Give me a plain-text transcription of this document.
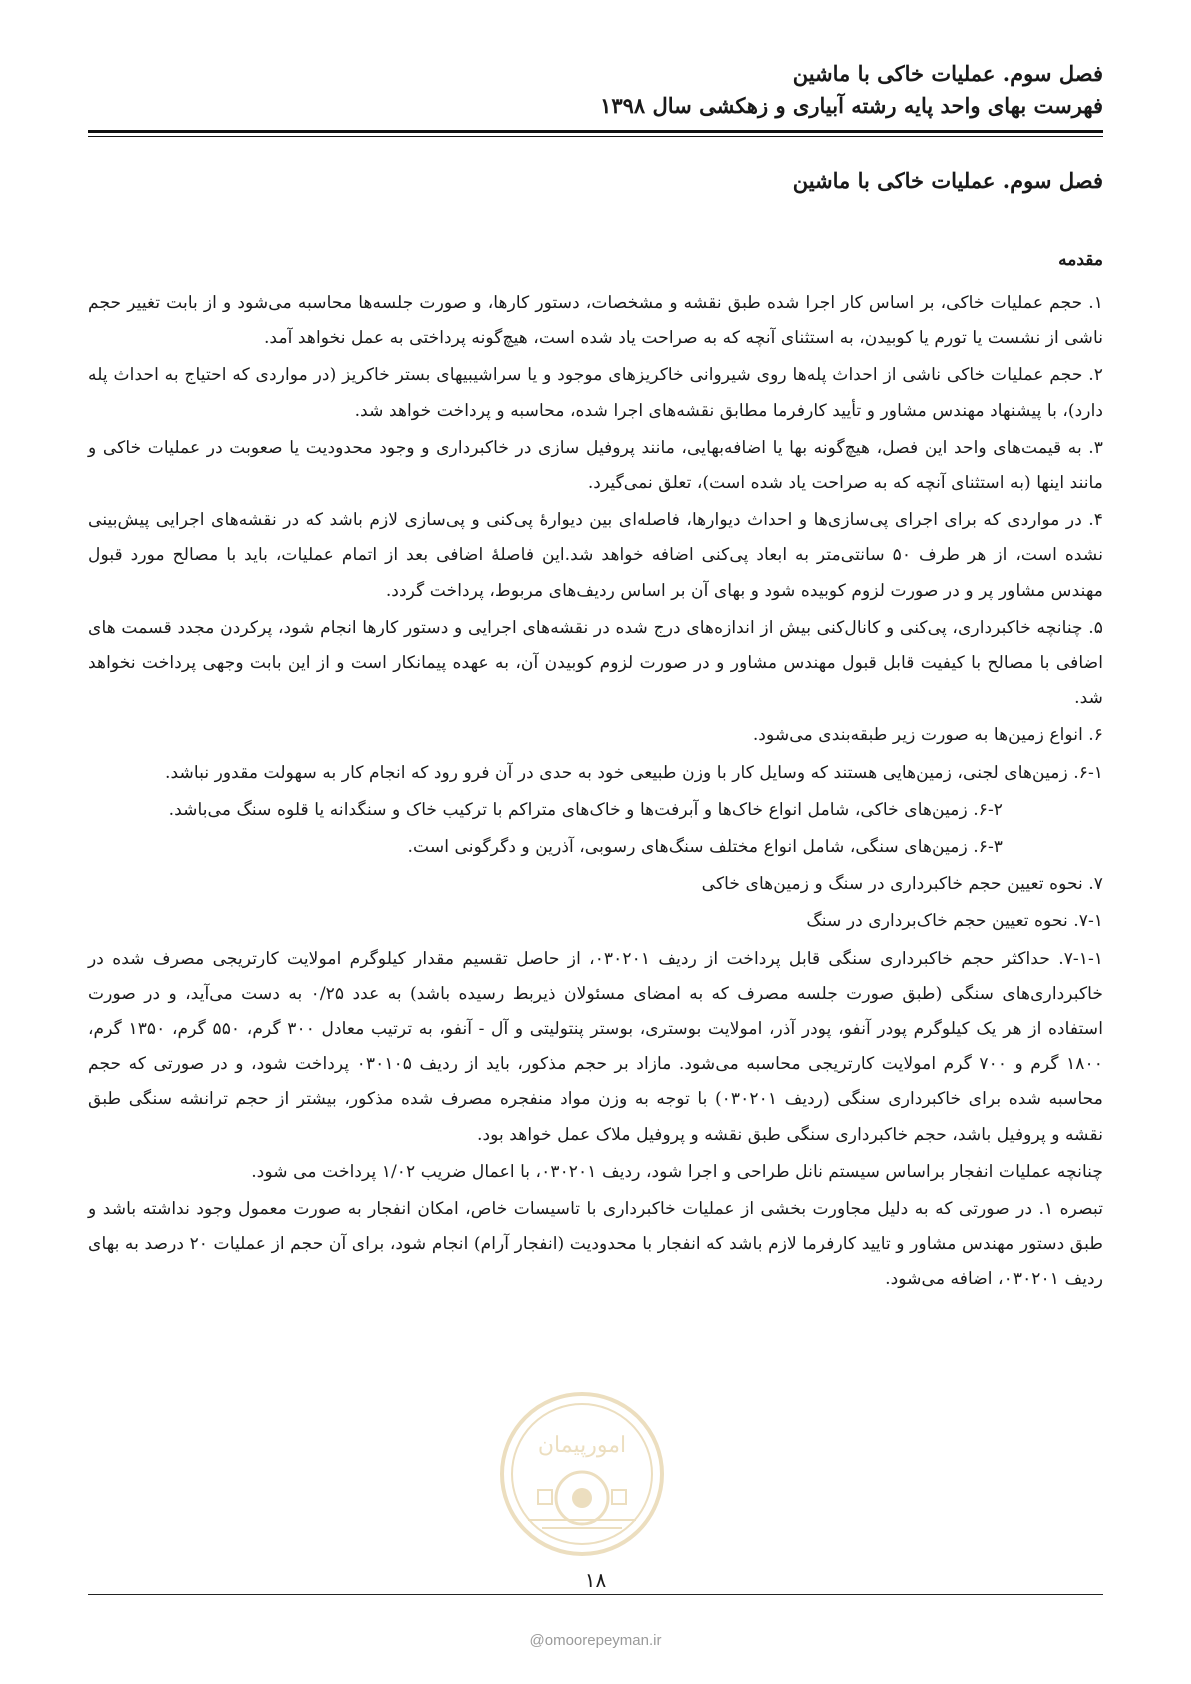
فصل سوم. عملیات خاکی با ماشین
فهرست بهای واحد پایه رشته آبیاری و زهکشی سال ۱۳۹۸
فصل سوم. عملیات خاکی با ماشین
مقدمه

۱. حجم عملیات خاکی، بر اساس کار اجرا شده طبق نقشه و مشخصات، دستور کارها، و صورت جلسه‌ها محاسبه می‌شود و از بابت تغییر حجم ناشی از نشست یا تورم یا کوبیدن، به استثنای آنچه که به صراحت یاد شده است، هیچ‌گونه پرداختی به عمل نخواهد آمد.

۲. حجم عملیات خاکی ناشی از احداث پله‌ها روی شیروانی خاکریزهای موجود و یا سراشیبیهای بستر خاکریز (در مواردی که احتیاج به احداث پله دارد)، با پیشنهاد مهندس مشاور و تأیید کارفرما مطابق نقشه‌های اجرا شده، محاسبه و پرداخت خواهد شد.

۳. به قیمت‌های واحد این فصل، هیچ‌گونه بها یا اضافه‌بهایی، مانند پروفیل سازی در خاکبرداری و وجود محدودیت یا صعوبت در عملیات خاکی و مانند اینها (به استثنای آنچه که به صراحت یاد شده است)، تعلق نمی‌گیرد.

۴. در مواردی که برای اجرای پی‌سازی‌ها و احداث دیوارها، فاصله‌ای بین دیوارهٔ پی‌کنی و پی‌سازی لازم باشد که در نقشه‌های اجرایی پیش‌بینی نشده است، از هر طرف ۵۰ سانتی‌متر به ابعاد پی‌کنی اضافه خواهد شد.این فاصلهٔ اضافی بعد از اتمام عملیات، باید با مصالح مورد قبول مهندس مشاور پر و در صورت لزوم کوبیده شود و بهای آن بر اساس ردیف‌های مربوط، پرداخت گردد.

۵. چنانچه خاکبرداری، پی‌کنی و کانال‌کنی بیش از اندازه‌های درج شده در نقشه‌های اجرایی و دستور کارها انجام شود، پرکردن مجدد قسمت های اضافی با مصالح با کیفیت قابل قبول مهندس مشاور و در صورت لزوم کوبیدن آن، به عهده پیمانکار است و از این بابت وجهی پرداخت نخواهد شد.

۶. انواع زمین‌ها به صورت زیر طبقه‌بندی می‌شود.

۶-۱. زمین‌های لجنی، زمین‌هایی هستند که وسایل کار با وزن طبیعی خود به حدی در آن فرو رود که انجام کار به سهولت مقدور نباشد.

۶-۲. زمین‌های خاکی، شامل انواع خاک‌ها و آبرفت‌ها و خاک‌های متراکم با ترکیب خاک و سنگدانه یا قلوه سنگ می‌باشد.

۶-۳. زمین‌های سنگی، شامل انواع مختلف سنگ‌های رسوبی، آذرین و دگرگونی است.

۷. نحوه تعیین حجم خاکبرداری در سنگ و زمین‌های خاکی

۷-۱. نحوه تعیین حجم خاک‌برداری در سنگ

۷-۱-۱. حداکثر حجم خاکبرداری سنگی قابل پرداخت از ردیف ۰۳۰۲۰۱، از حاصل تقسیم مقدار کیلوگرم امولایت کارتریجی مصرف شده در خاکبرداری‌های سنگی (طبق صورت جلسه مصرف که به امضای مسئولان ذیربط رسیده باشد) به عدد ۰/۲۵ به دست می‌آید، و در صورت استفاده از هر یک کیلوگرم پودر آنفو، پودر آذر، امولایت بوستری، بوستر پنتولیتی و آل - آنفو، به ترتیب معادل ۳۰۰ گرم، ۵۵۰ گرم، ۱۳۵۰ گرم، ۱۸۰۰ گرم و ۷۰۰ گرم امولایت کارتریجی محاسبه می‌شود. مازاد بر حجم مذکور، باید از ردیف ۰۳۰۱۰۵ پرداخت شود، و در صورتی که حجم محاسبه شده برای خاکبرداری سنگی (ردیف ۰۳۰۲۰۱) با توجه به وزن مواد منفجره مصرف شده مذکور، بیشتر از حجم ترانشه سنگی طبق نقشه و پروفیل باشد، حجم خاکبرداری سنگی طبق نقشه و پروفیل ملاک عمل خواهد بود.

چنانچه عملیات انفجار براساس سیستم نانل طراحی و اجرا شود، ردیف ۰۳۰۲۰۱، با اعمال ضریب ۱/۰۲ پرداخت می شود.

تبصره ۱. در صورتی که به دلیل مجاورت بخشی از عملیات خاکبرداری با تاسیسات خاص، امکان انفجار به صورت معمول وجود نداشته باشد و طبق دستور مهندس مشاور و تایید کارفرما لازم باشد که انفجار با محدودیت (انفجار آرام) انجام شود، برای آن حجم از عملیات ۲۰ درصد به بهای ردیف ۰۳۰۲۰۱، اضافه می‌شود.

امورپیمان
۱۸
@omoorepeyman.ir
